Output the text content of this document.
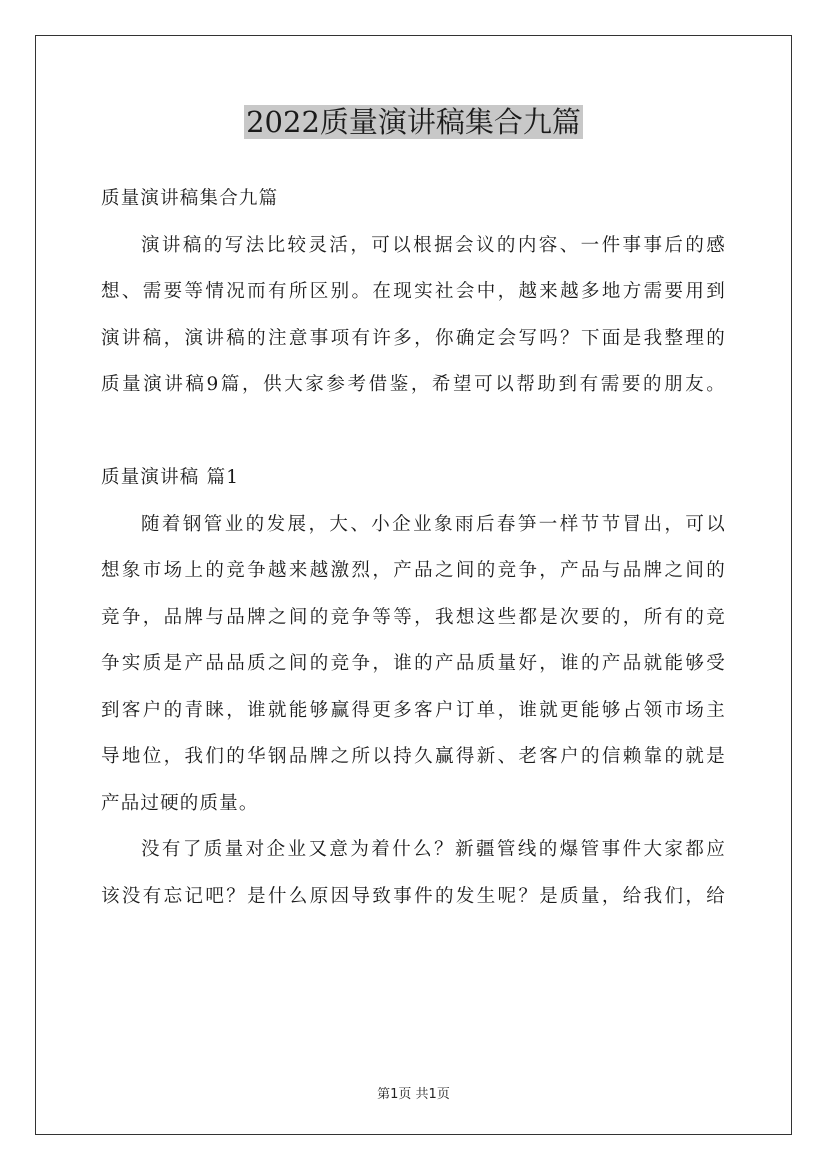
2022质量演讲稿集合九篇

质量演讲稿集合九篇

演讲稿的写法比较灵活，可以根据会议的内容、一件事事后的感

想、需要等情况而有所区别。在现实社会中，越来越多地方需要用到

演讲稿，演讲稿的注意事项有许多，你确定会写吗？下面是我整理的

质量演讲稿9篇，供大家参考借鉴，希望可以帮助到有需要的朋友。

质量演讲稿 篇1

随着钢管业的发展，大、小企业象雨后春笋一样节节冒出，可以

想象市场上的竞争越来越激烈，产品之间的竞争，产品与品牌之间的

竞争，品牌与品牌之间的竞争等等，我想这些都是次要的，所有的竞

争实质是产品品质之间的竞争，谁的产品质量好，谁的产品就能够受

到客户的青睐，谁就能够赢得更多客户订单，谁就更能够占领市场主

导地位，我们的华钢品牌之所以持久赢得新、老客户的信赖靠的就是

产品过硬的质量。

没有了质量对企业又意为着什么？新疆管线的爆管事件大家都应

该没有忘记吧？是什么原因导致事件的发生呢？是质量，给我们，给

第1页 共1页
